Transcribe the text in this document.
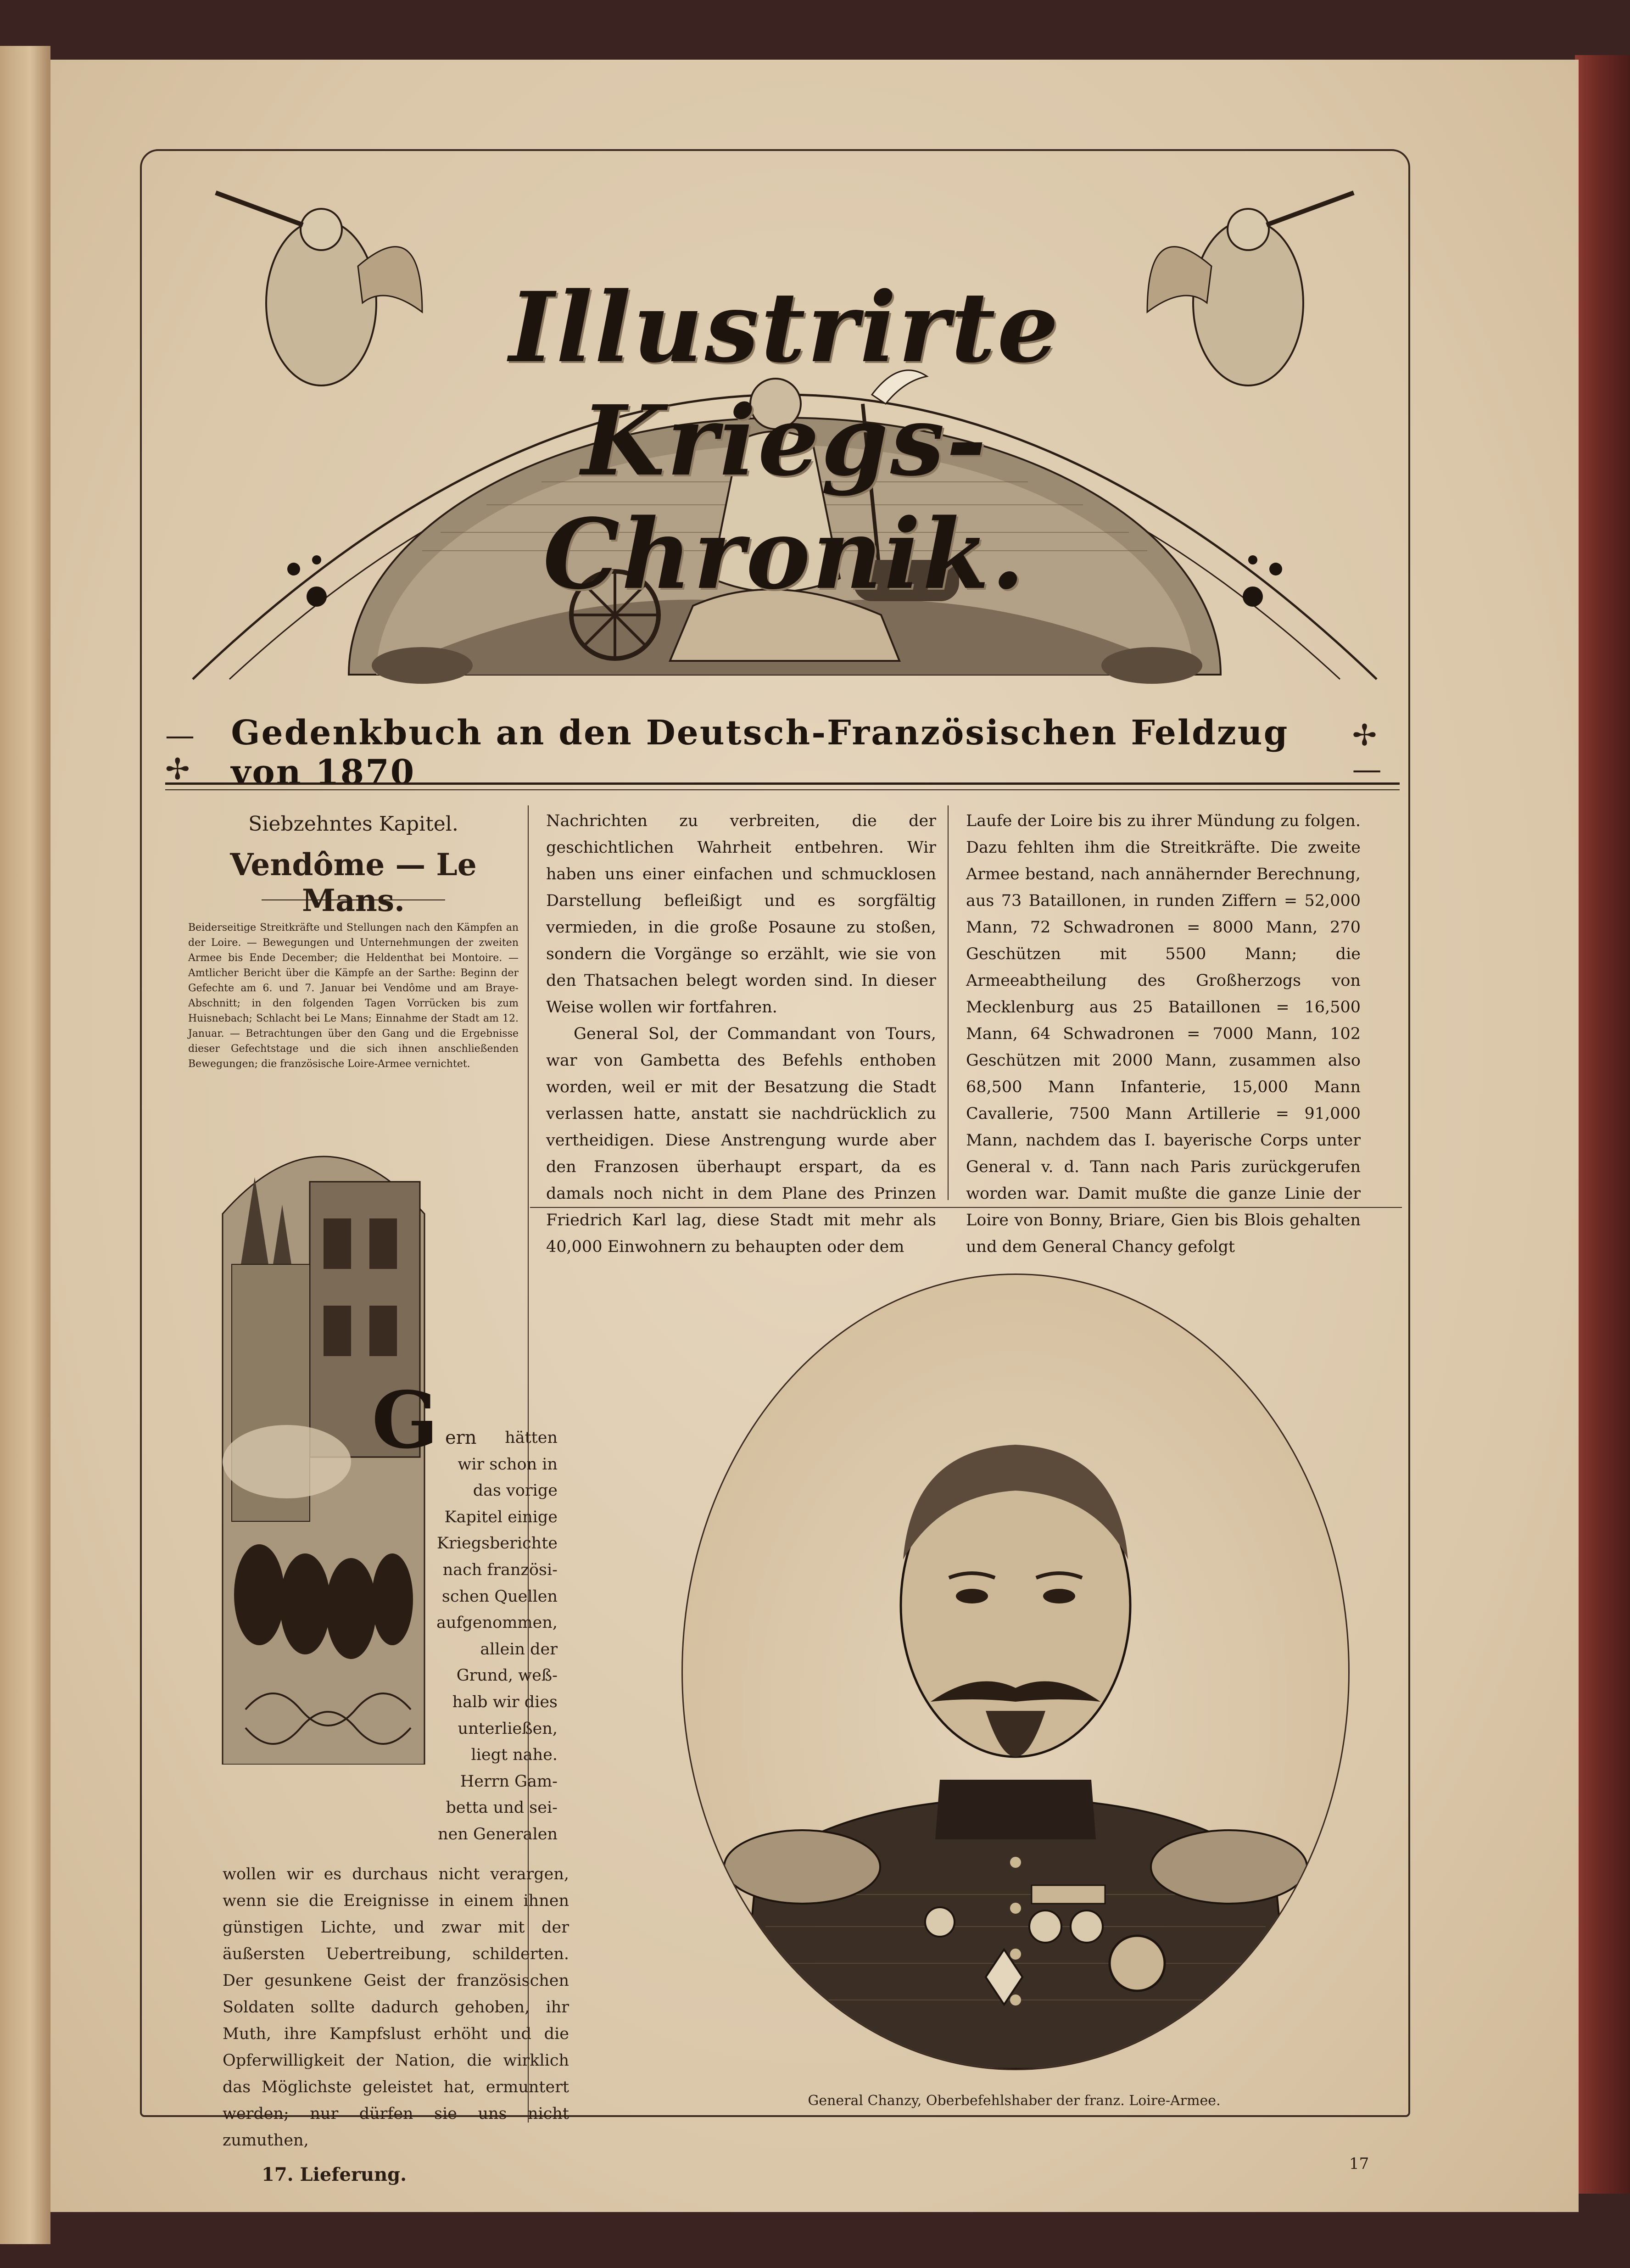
Illustrirte Kriegs-Chronik.
—✢
Gedenkbuch an den Deutsch-Französischen Feldzug von 1870
✢—
Siebzehntes Kapitel.
Vendôme — Le Mans.
Beiderseitige Streitkräfte und Stellungen nach den Kämpfen an der Loire. — Bewegungen und Unternehmungen der zweiten Armee bis Ende December; die Heldenthat bei Montoire. — Amtlicher Bericht über die Kämpfe an der Sarthe: Beginn der Gefechte am 6. und 7. Januar bei Vendôme und am Braye-Abschnitt; in den folgenden Tagen Vorrücken bis zum Huisnebach; Schlacht bei Le Mans; Einnahme der Stadt am 12. Januar. — Betrachtungen über den Gang und die Ergebnisse dieser Gefechtstage und die sich ihnen anschließenden Bewegungen; die französische Loire-Armee vernichtet.
G ern	hätten
wir schon in
das vorige
Kapitel einige
Kriegsberichte
nach französi-
schen Quellen
aufgenommen,
allein der
Grund, weß-
halb wir dies
unterließen,
liegt nahe.
Herrn Gam-
betta und sei-
nen Generalen
wollen wir es durchaus nicht verargen, wenn sie die Ereignisse in einem ihnen günstigen Lichte, und zwar mit der äußersten Uebertreibung, schilderten. Der gesunkene Geist der französischen Soldaten sollte dadurch gehoben, ihr Muth, ihre Kampfslust erhöht und die Opferwilligkeit der Nation, die wirklich das Möglichste geleistet hat, ermuntert werden; nur dürfen sie uns nicht zumuthen,

Nachrichten zu verbreiten, die der geschichtlichen Wahrheit entbehren. Wir haben uns einer einfachen und schmucklosen Darstellung befleißigt und es sorgfältig vermieden, in die große Posaune zu stoßen, sondern die Vorgänge so erzählt, wie sie von den Thatsachen belegt worden sind. In dieser Weise wollen wir fortfahren.

General Sol, der Commandant von Tours, war von Gambetta des Befehls enthoben worden, weil er mit der Besatzung die Stadt verlassen hatte, anstatt sie nachdrücklich zu vertheidigen. Diese Anstrengung wurde aber den Franzosen überhaupt erspart, da es damals noch nicht in dem Plane des Prinzen Friedrich Karl lag, diese Stadt mit mehr als 40,000 Einwohnern zu behaupten oder dem

Laufe der Loire bis zu ihrer Mündung zu folgen. Dazu fehlten ihm die Streitkräfte. Die zweite Armee bestand, nach annähernder Berechnung, aus 73 Bataillonen, in runden Ziffern = 52,000 Mann, 72 Schwadronen = 8000 Mann, 270 Geschützen mit 5500 Mann; die Armeeabtheilung des Großherzogs von Mecklenburg aus 25 Bataillonen = 16,500 Mann, 64 Schwadronen = 7000 Mann, 102 Geschützen mit 2000 Mann, zusammen also 68,500 Mann Infanterie, 15,000 Mann Cavallerie, 7500 Mann Artillerie = 91,000 Mann, nachdem das I. bayerische Corps unter General v. d. Tann nach Paris zurückgerufen worden war. Damit mußte die ganze Linie der Loire von Bonny, Briare, Gien bis Blois gehalten und dem General Chancy gefolgt

General Chanzy, Oberbefehlshaber der franz. Loire-Armee.
17. Lieferung.	17
